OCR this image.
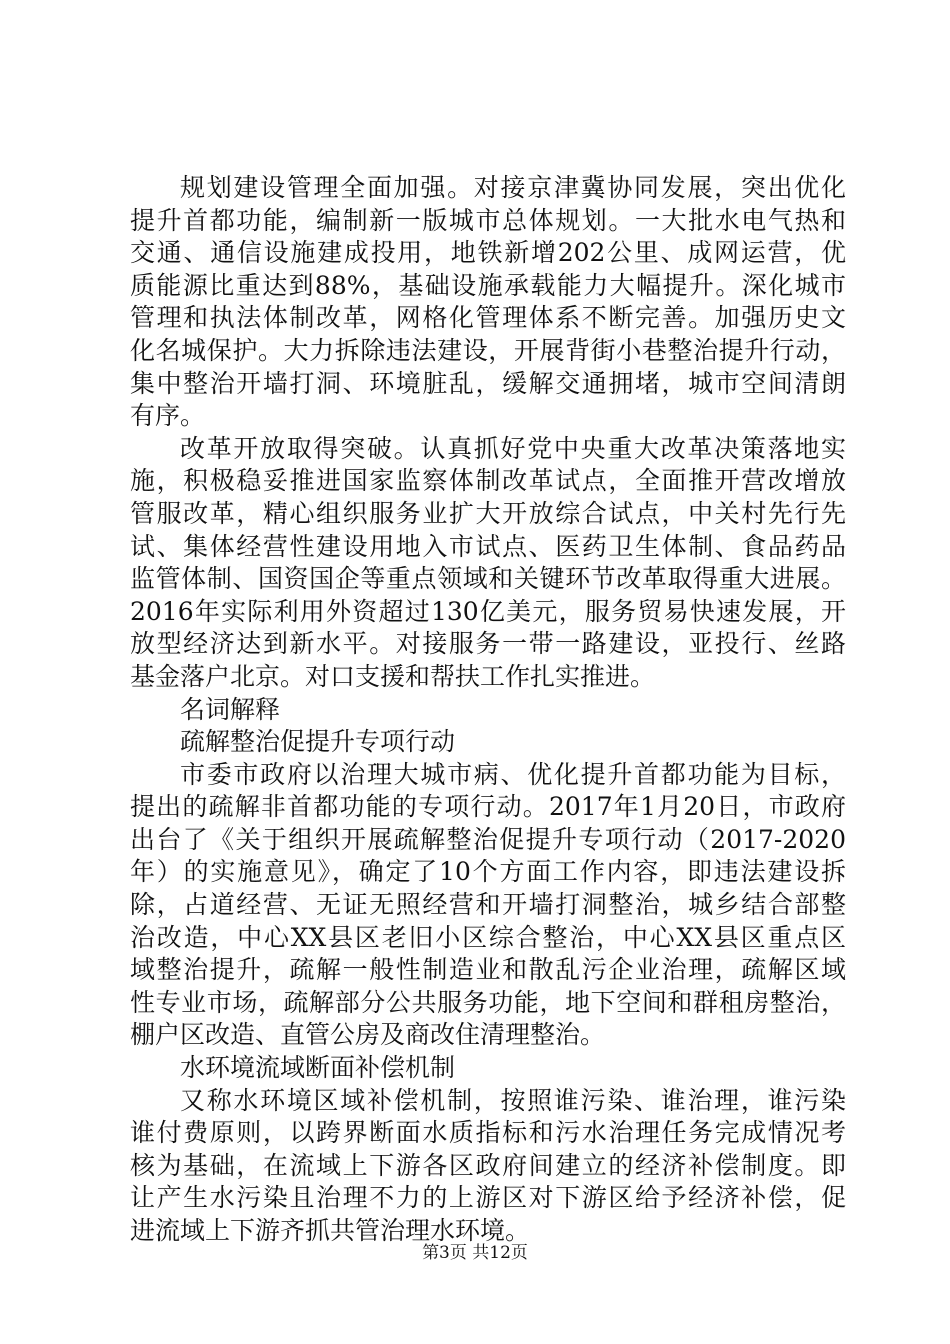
规划建设管理全面加强。对接京津冀协同发展，突出优化
提升首都功能，编制新一版城市总体规划。一大批水电气热和
交通、通信设施建成投用，地铁新增202公里、成网运营，优
质能源比重达到88%，基础设施承载能力大幅提升。深化城市
管理和执法体制改革，网格化管理体系不断完善。加强历史文
化名城保护。大力拆除违法建设，开展背街小巷整治提升行动，
集中整治开墙打洞、环境脏乱，缓解交通拥堵，城市空间清朗
有序。
改革开放取得突破。认真抓好党中央重大改革决策落地实
施，积极稳妥推进国家监察体制改革试点，全面推开营改增放
管服改革，精心组织服务业扩大开放综合试点，中关村先行先
试、集体经营性建设用地入市试点、医药卫生体制、食品药品
监管体制、国资国企等重点领域和关键环节改革取得重大进展。
2016年实际利用外资超过130亿美元，服务贸易快速发展，开
放型经济达到新水平。对接服务一带一路建设，亚投行、丝路
基金落户北京。对口支援和帮扶工作扎实推进。
名词解释
疏解整治促提升专项行动
市委市政府以治理大城市病、优化提升首都功能为目标，
提出的疏解非首都功能的专项行动。2017年1月20日，市政府
出台了《关于组织开展疏解整治促提升专项行动（2017-2020
年）的实施意见》，确定了10个方面工作内容，即违法建设拆
除，占道经营、无证无照经营和开墙打洞整治，城乡结合部整
治改造，中心XX县区老旧小区综合整治，中心XX县区重点区
域整治提升，疏解一般性制造业和散乱污企业治理，疏解区域
性专业市场，疏解部分公共服务功能，地下空间和群租房整治，
棚户区改造、直管公房及商改住清理整治。
水环境流域断面补偿机制
又称水环境区域补偿机制，按照谁污染、谁治理，谁污染
谁付费原则，以跨界断面水质指标和污水治理任务完成情况考
核为基础，在流域上下游各区政府间建立的经济补偿制度。即
让产生水污染且治理不力的上游区对下游区给予经济补偿，促
进流域上下游齐抓共管治理水环境。
第3页 共12页
